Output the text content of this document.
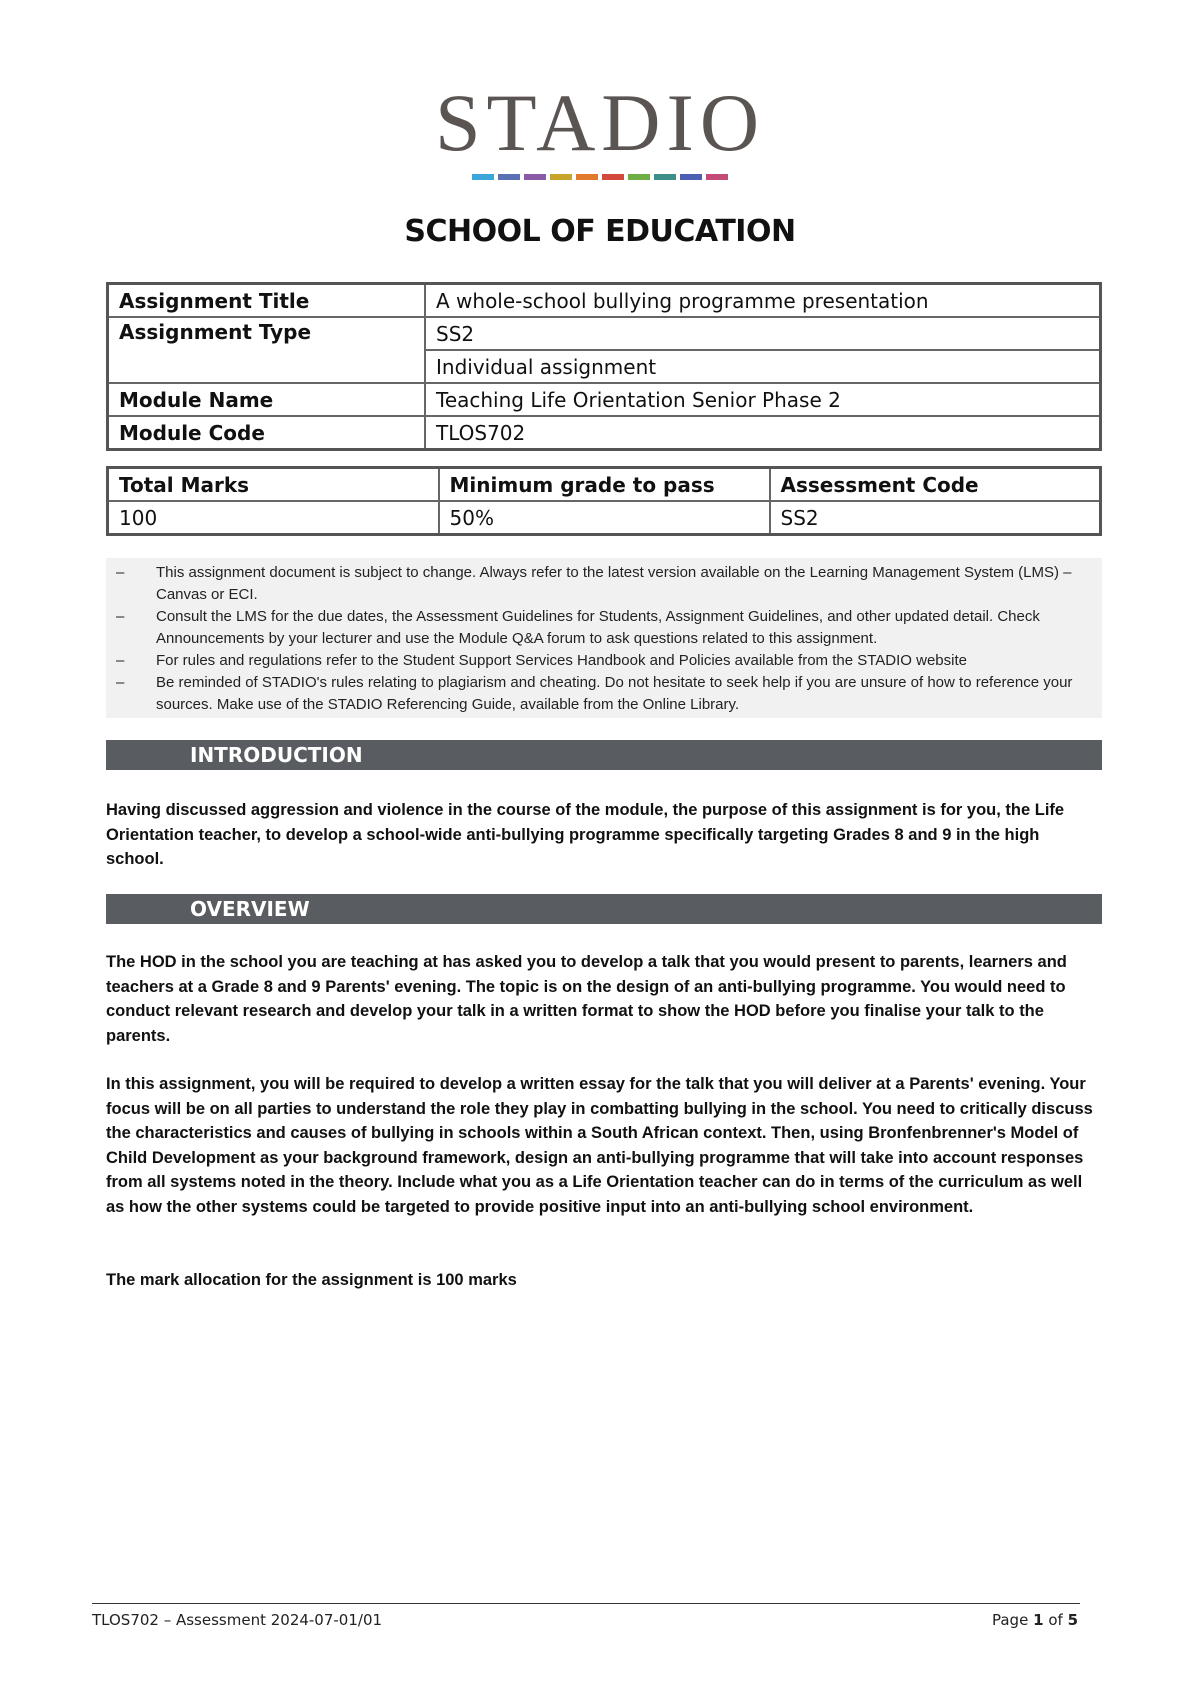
STADIO
SCHOOL OF EDUCATION
Assignment Title	A whole-school bullying programme presentation
Assignment Type	SS2
	Individual assignment
Module Name	Teaching Life Orientation Senior Phase 2
Module Code	TLOS702
Total Marks	Minimum grade to pass	Assessment Code
100	50%	SS2
–	This assignment document is subject to change. Always refer to the latest version available on the Learning Management System (LMS) – Canvas or ECI.
–	Consult the LMS for the due dates, the Assessment Guidelines for Students, Assignment Guidelines, and other updated detail. Check Announcements by your lecturer and use the Module Q&A forum to ask questions related to this assignment.
–	For rules and regulations refer to the Student Support Services Handbook and Policies available from the STADIO website
–	Be reminded of STADIO's rules relating to plagiarism and cheating. Do not hesitate to seek help if you are unsure of how to reference your sources. Make use of the STADIO Referencing Guide, available from the Online Library.
INTRODUCTION
Having discussed aggression and violence in the course of the module, the purpose of this assignment is for you, the Life Orientation teacher, to develop a school-wide anti-bullying programme specifically targeting Grades 8 and 9 in the high school.
OVERVIEW
The HOD in the school you are teaching at has asked you to develop a talk that you would present to parents, learners and teachers at a Grade 8 and 9 Parents' evening. The topic is on the design of an anti-bullying programme. You would need to conduct relevant research and develop your talk in a written format to show the HOD before you finalise your talk to the parents.
In this assignment, you will be required to develop a written essay for the talk that you will deliver at a Parents' evening. Your focus will be on all parties to understand the role they play in combatting bullying in the school. You need to critically discuss the characteristics and causes of bullying in schools within a South African context. Then, using Bronfenbrenner's Model of Child Development as your background framework, design an anti-bullying programme that will take into account responses from all systems noted in the theory. Include what you as a Life Orientation teacher can do in terms of the curriculum as well as how the other systems could be targeted to provide positive input into an anti-bullying school environment.
The mark allocation for the assignment is 100 marks
TLOS702 – Assessment 2024-07-01/01	Page 1 of 5
